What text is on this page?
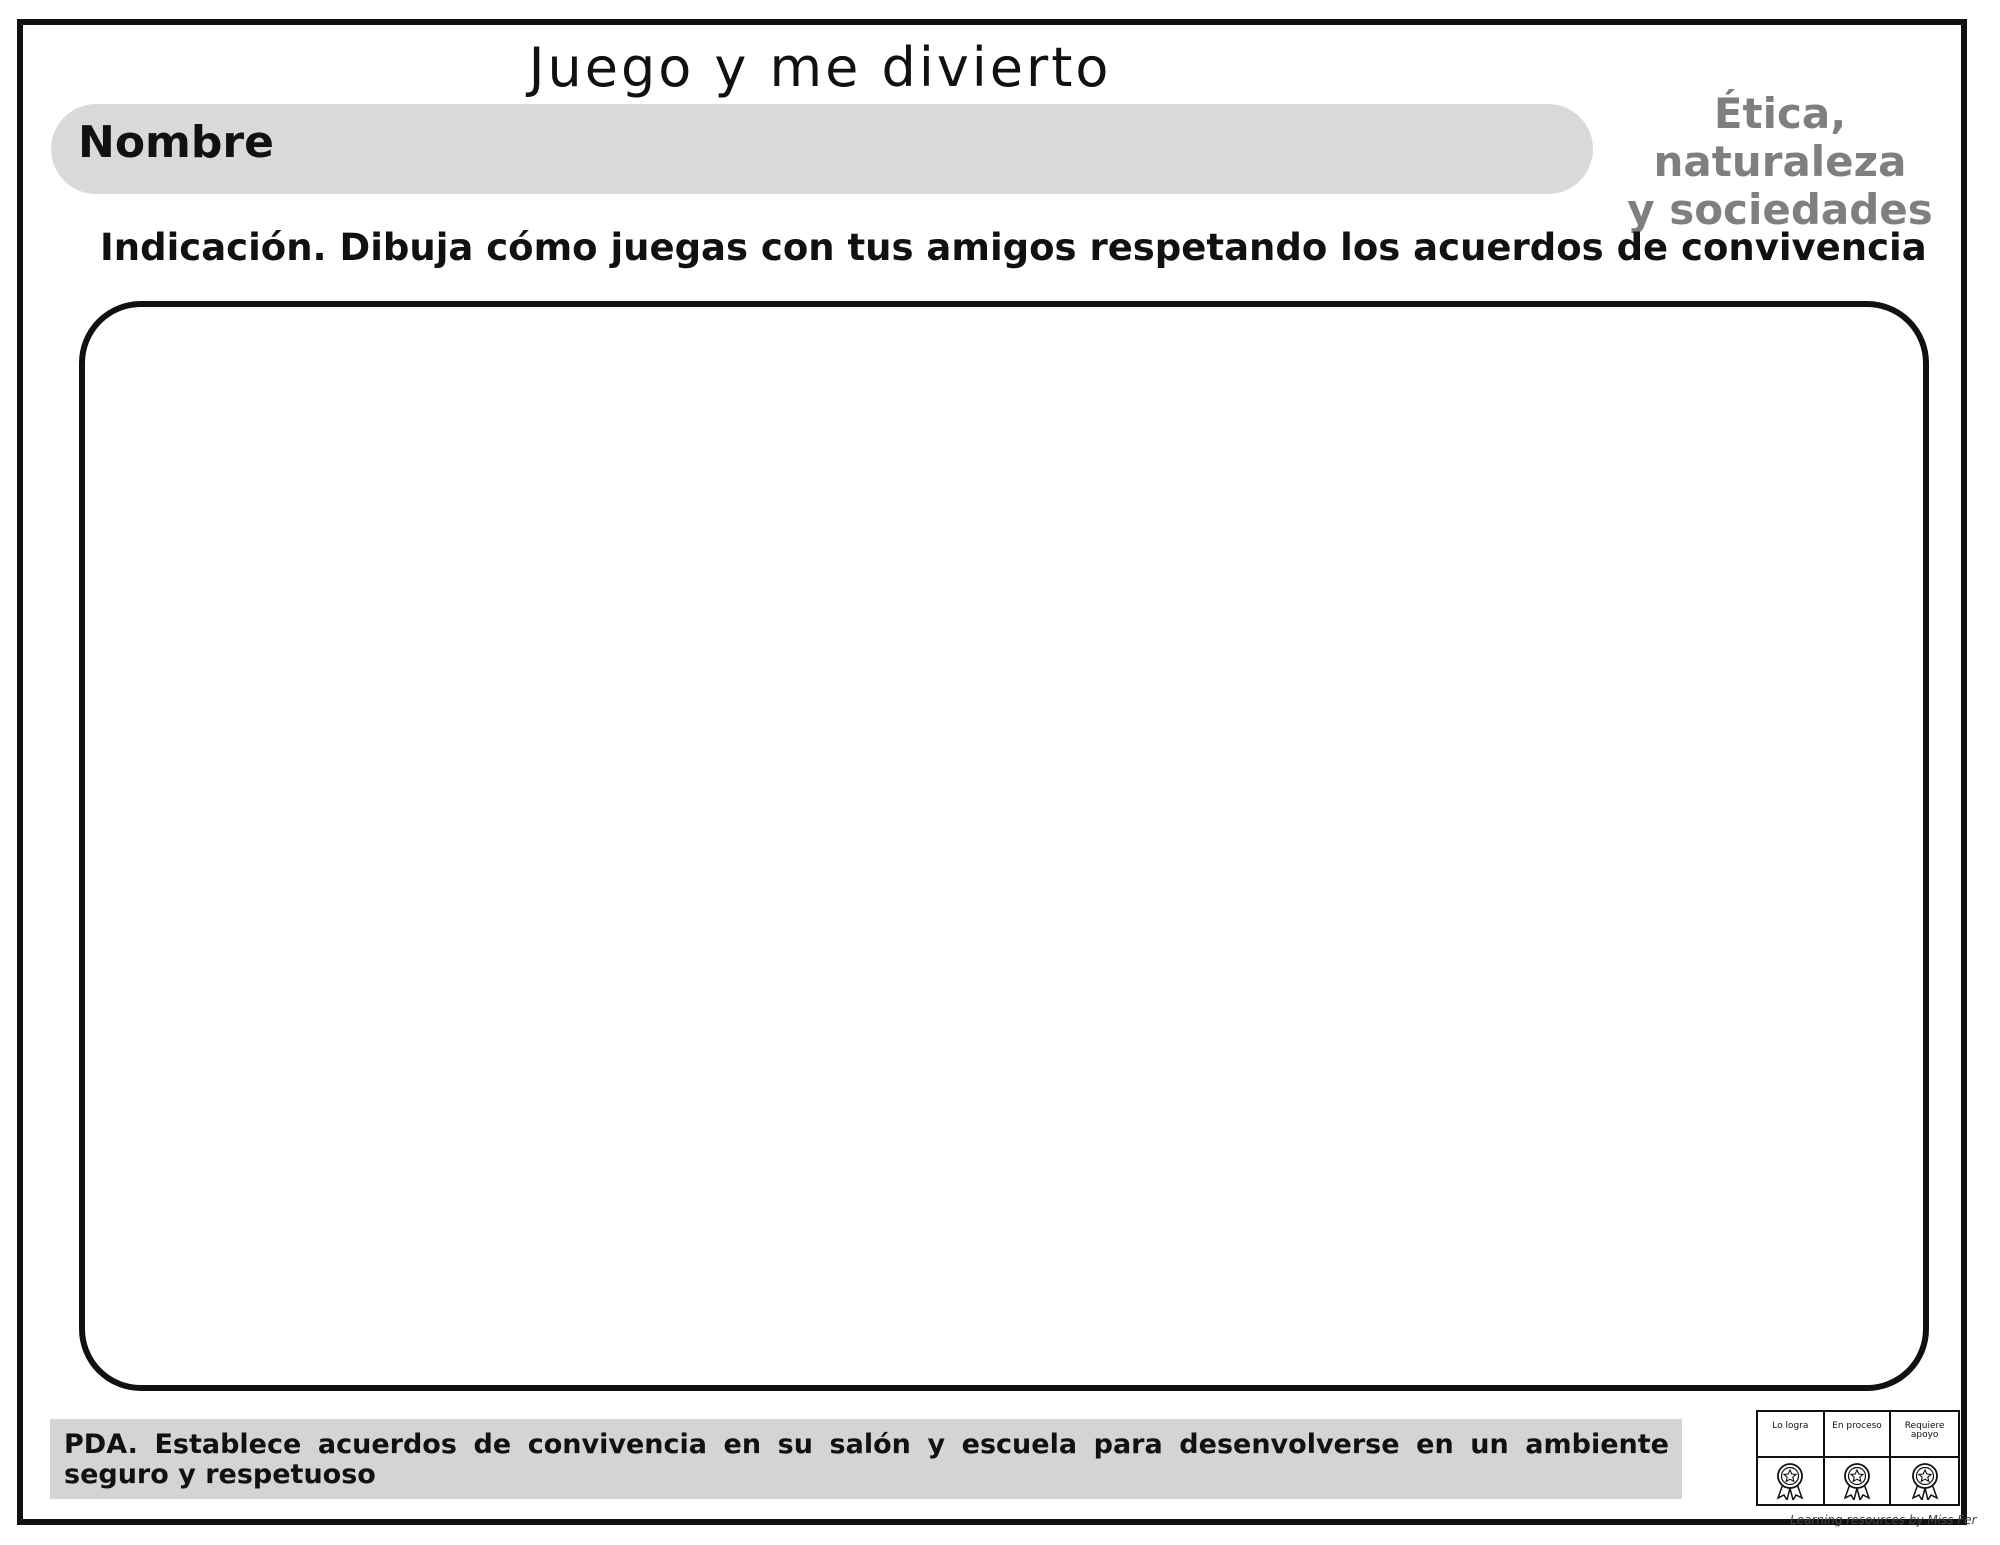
Juego y me divierto
Nombre
Ética, naturaleza
y sociedades
Indicación. Dibuja cómo juegas con tus amigos respetando los acuerdos de convivencia
PDA. Establece acuerdos de convivencia en su salón y escuela para desenvolverse en un ambiente seguro y respetuoso
Lo logra	En proceso	Requiere apoyo
Learning resources by Miss Fer
